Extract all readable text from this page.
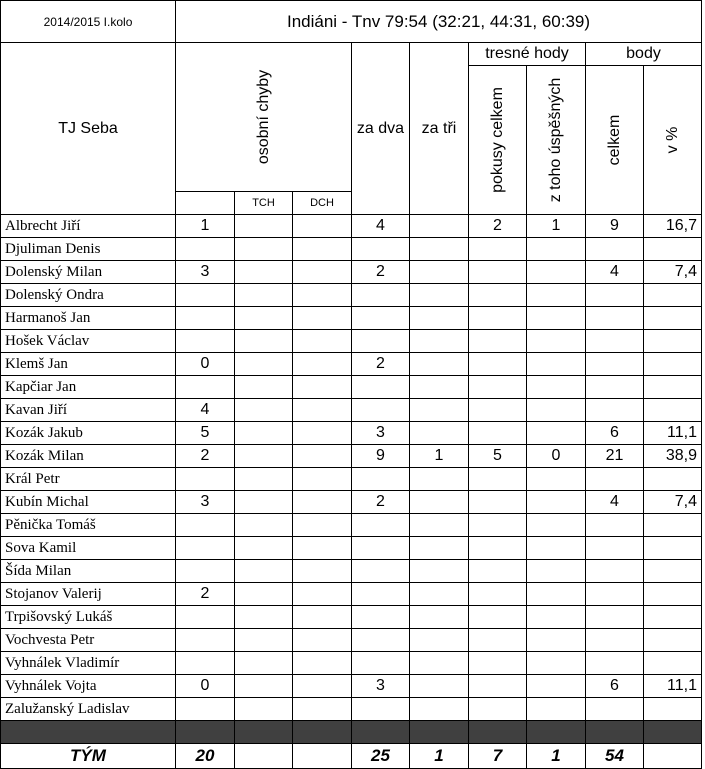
2014/2015 I.kolo	Indiáni - Tnv 79:54 (32:21, 44:31, 60:39)								
TJ Seba	osobní chyby			za dva	za tři	tresné hody		body	

						pokusy celkem	z toho úspěšných	celkem	v %

		TCH	DCH						
Albrecht Jiří	1			4		2	1	9	16,7
Djuliman Denis									
Dolenský Milan	3			2				4	7,4
Dolenský Ondra									
Harmanoš Jan									
Hošek Václav									
Klemš Jan	0			2					
Kapčiar Jan									
Kavan Jiří	4								
Kozák Jakub	5			3				6	11,1
Kozák Milan	2			9	1	5	0	21	38,9
Král Petr									
Kubín Michal	3			2				4	7,4
Pěnička Tomáš									
Sova Kamil									
Šída Milan									
Stojanov Valerij	2								
Trpišovský Lukáš									
Vochvesta Petr									
Vyhnálek Vladimír									
Vyhnálek Vojta	0			3				6	11,1
Zalužanský Ladislav									

TÝM	20			25	1	7	1	54	
